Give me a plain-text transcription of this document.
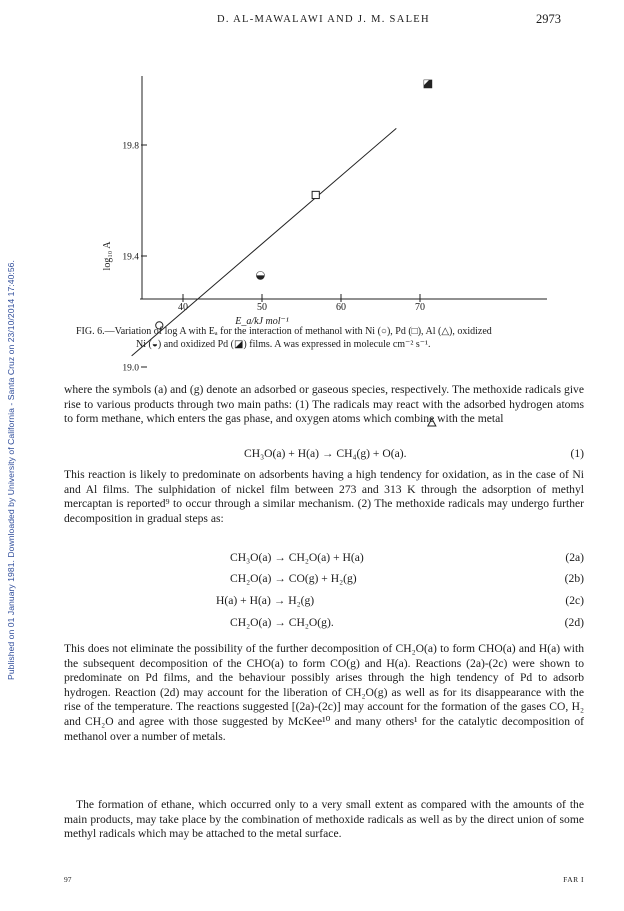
Published on 01 January 1981. Downloaded by University of California - Santa Cruz on 23/10/2014 17:40:56.
D. AL-MAWALAWI AND J. M. SALEH	2973
40	50	60	70
19.0
19.4
19.8
E_a/kJ mol⁻¹
log₁₀ A
FIG. 6.—Variation of log A with Eₐ for the interaction of methanol with Ni (○), Pd (□), Al (△), oxidized
Ni (◒) and oxidized Pd (◪) films. A was expressed in molecule cm⁻² s⁻¹.

where the symbols (a) and (g) denote an adsorbed or gaseous species, respectively. The methoxide radicals give rise to various products through two main paths: (1) The radicals may react with the adsorbed hydrogen atoms to form methane, which enters the gas phase, and oxygen atoms which combine with the metal

CH₃O(a) + H(a) → CH₄(g) + O(a).	(1)

This reaction is likely to predominate on adsorbents having a high tendency for oxidation, as in the case of Ni and Al films. The sulphidation of nickel film between 273 and 313 K through the adsorption of methyl mercaptan is reported⁹ to occur through a similar mechanism. (2) The methoxide radicals may undergo further decomposition in gradual steps as:

CH₃O(a) → CH₂O(a) + H(a)	(2a)
CH₂O(a) → CO(g) + H₂(g)	(2b)
H(a) + H(a) → H₂(g)	(2c)
CH₂O(a) → CH₂O(g).	(2d)

This does not eliminate the possibility of the further decomposition of CH₂O(a) to form CHO(a) and H(a) with the subsequent decomposition of the CHO(a) to form CO(g) and H(a). Reactions (2a)-(2c) were shown to predominate on Pd films, and the behaviour possibly arises through the high tendency of Pd to adsorb hydrogen. Reaction (2d) may account for the liberation of CH₂O(g) as well as for its disappearance with the rise of the temperature. The reactions suggested [(2a)-(2c)] may account for the formation of the gases CO, H₂ and CH₂O and agree with those suggested by McKee¹⁰ and many others¹ for the catalytic decomposition of methanol over a number of metals.

The formation of ethane, which occurred only to a very small extent as compared with the amounts of the main products, may take place by the combination of methoxide radicals as well as by the direct union of some methyl radicals which may be attached to the metal surface.

97	FAR I
